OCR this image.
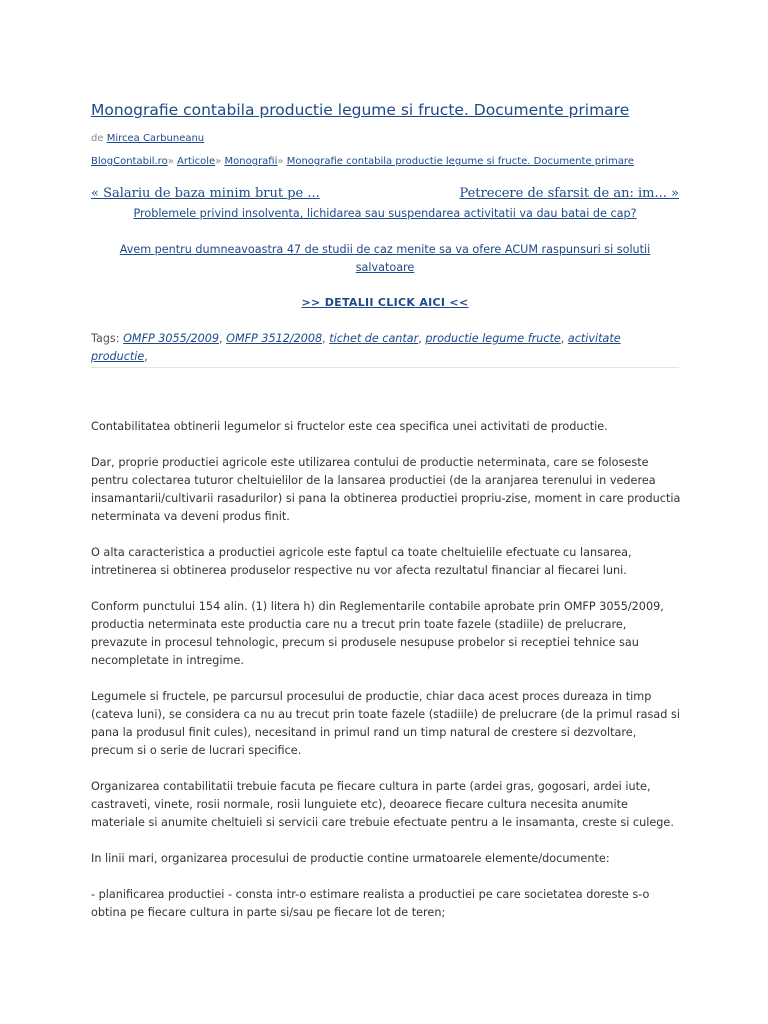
Monografie contabila productie legume si fructe. Documente primare
de Mircea Carbuneanu
BlogContabil.ro» Articole» Monografii» Monografie contabila productie legume si fructe. Documente primare
« Salariu de baza minim brut pe ...	Petrecere de sfarsit de an: im... »
Problemele privind insolventa, lichidarea sau suspendarea activitatii va dau batai de cap?
Avem pentru dumneavoastra 47 de studii de caz menite sa va ofere ACUM raspunsuri si solutii salvatoare
>> DETALII CLICK AICI <<
Tags: OMFP 3055/2009, OMFP 3512/2008, tichet de cantar, productie legume fructe, activitate productie,

Contabilitatea obtinerii legumelor si fructelor este cea specifica unei activitati de productie.

Dar, proprie productiei agricole este utilizarea contului de productie neterminata, care se foloseste pentru colectarea tuturor cheltuielilor de la lansarea productiei (de la aranjarea terenului in vederea insamantarii/cultivarii rasadurilor) si pana la obtinerea productiei propriu-zise, moment in care productia neterminata va deveni produs finit.

O alta caracteristica a productiei agricole este faptul ca toate cheltuielile efectuate cu lansarea, intretinerea si obtinerea produselor respective nu vor afecta rezultatul financiar al fiecarei luni.

Conform punctului 154 alin. (1) litera h) din Reglementarile contabile aprobate prin OMFP 3055/2009, productia neterminata este productia care nu a trecut prin toate fazele (stadiile) de prelucrare, prevazute in procesul tehnologic, precum si produsele nesupuse probelor si receptiei tehnice sau necompletate in intregime.

Legumele si fructele, pe parcursul procesului de productie, chiar daca acest proces dureaza in timp (cateva luni), se considera ca nu au trecut prin toate fazele (stadiile) de prelucrare (de la primul rasad si pana la produsul finit cules), necesitand in primul rand un timp natural de crestere si dezvoltare, precum si o serie de lucrari specifice.

Organizarea contabilitatii trebuie facuta pe fiecare cultura in parte (ardei gras, gogosari, ardei iute, castraveti, vinete, rosii normale, rosii lunguiete etc), deoarece fiecare cultura necesita anumite materiale si anumite cheltuieli si servicii care trebuie efectuate pentru a le insamanta, creste si culege.

In linii mari, organizarea procesului de productie contine urmatoarele elemente/documente:

- planificarea productiei - consta intr-o estimare realista a productiei pe care societatea doreste s-o obtina pe fiecare cultura in parte si/sau pe fiecare lot de teren;
